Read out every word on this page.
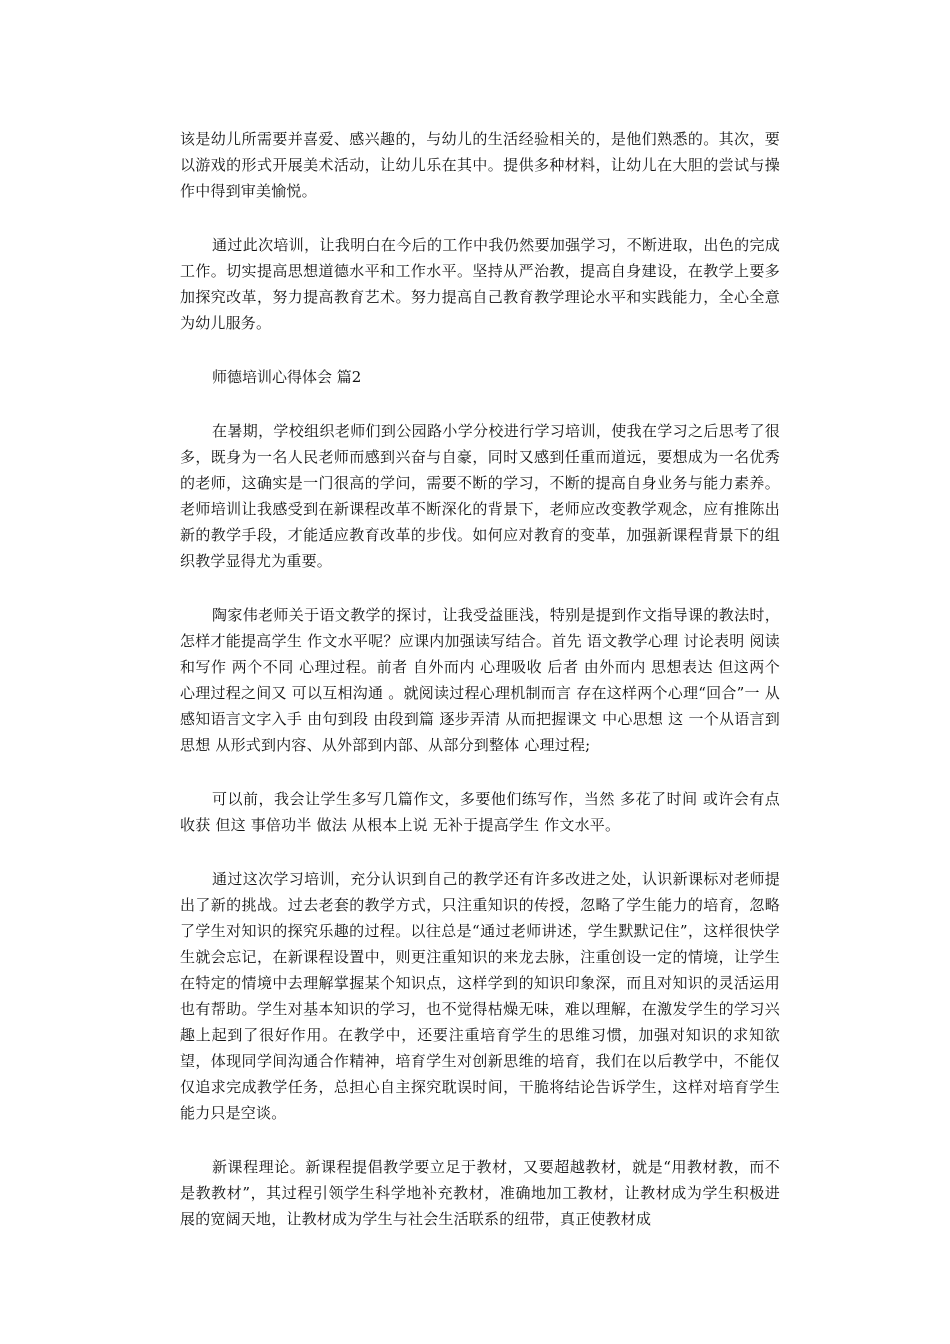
该是幼儿所需要并喜爱、感兴趣的，与幼儿的生活经验相关的，是他们熟悉的。其次，要以游戏的形式开展美术活动，让幼儿乐在其中。提供多种材料，让幼儿在大胆的尝试与操作中得到审美愉悦。

通过此次培训，让我明白在今后的工作中我仍然要加强学习，不断进取，出色的完成工作。切实提高思想道德水平和工作水平。坚持从严治教，提高自身建设，在教学上要多加探究改革，努力提高教育艺术。努力提高自己教育教学理论水平和实践能力，全心全意为幼儿服务。

师德培训心得体会 篇2

在暑期，学校组织老师们到公园路小学分校进行学习培训，使我在学习之后思考了很多，既身为一名人民老师而感到兴奋与自豪，同时又感到任重而道远，要想成为一名优秀的老师，这确实是一门很高的学问，需要不断的学习，不断的提高自身业务与能力素养。老师培训让我感受到在新课程改革不断深化的背景下，老师应改变教学观念，应有推陈出新的教学手段，才能适应教育改革的步伐。如何应对教育的变革，加强新课程背景下的组织教学显得尤为重要。

陶家伟老师关于语文教学的探讨，让我受益匪浅，特别是提到作文指导课的教法时，怎样才能提高学生 作文水平呢？应课内加强读写结合。首先 语文教学心理 讨论表明 阅读和写作 两个不同 心理过程。前者 自外而内 心理吸收 后者 由外而内 思想表达 但这两个心理过程之间又 可以互相沟通 。就阅读过程心理机制而言 存在这样两个心理“回合”一 从感知语言文字入手 由句到段 由段到篇 逐步弄清 从而把握课文 中心思想 这 一个从语言到思想 从形式到内容、从外部到内部、从部分到整体 心理过程;

可以前，我会让学生多写几篇作文，多要他们练写作，当然 多花了时间 或许会有点收获 但这 事倍功半 做法 从根本上说 无补于提高学生 作文水平。

通过这次学习培训，充分认识到自己的教学还有许多改进之处，认识新课标对老师提出了新的挑战。过去老套的教学方式，只注重知识的传授，忽略了学生能力的培育，忽略了学生对知识的探究乐趣的过程。以往总是“通过老师讲述，学生默默记住”，这样很快学生就会忘记，在新课程设置中，则更注重知识的来龙去脉，注重创设一定的情境，让学生在特定的情境中去理解掌握某个知识点，这样学到的知识印象深，而且对知识的灵活运用也有帮助。学生对基本知识的学习，也不觉得枯燥无味，难以理解，在激发学生的学习兴趣上起到了很好作用。在教学中，还要注重培育学生的思维习惯，加强对知识的求知欲望，体现同学间沟通合作精神，培育学生对创新思维的培育，我们在以后教学中，不能仅仅追求完成教学任务，总担心自主探究耽误时间，干脆将结论告诉学生，这样对培育学生能力只是空谈。

新课程理论。新课程提倡教学要立足于教材，又要超越教材，就是“用教材教，而不是教教材”，其过程引领学生科学地补充教材，准确地加工教材，让教材成为学生积极进展的宽阔天地，让教材成为学生与社会生活联系的纽带，真正使教材成
